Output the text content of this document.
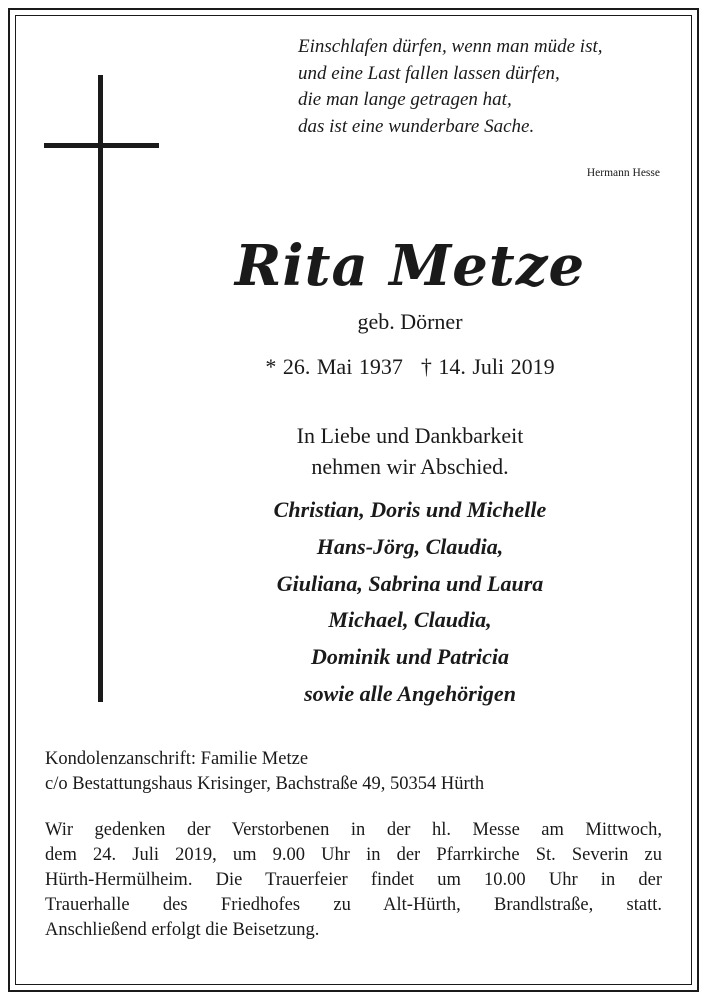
Einschlafen dürfen, wenn man müde ist,
und eine Last fallen lassen dürfen,
die man lange getragen hat,
das ist eine wunderbare Sache.
Hermann Hesse
Rita Metze
geb. Dörner
* 26. Mai 1937 † 14. Juli 2019
In Liebe und Dankbarkeit
nehmen wir Abschied.
Christian, Doris und Michelle
Hans-Jörg, Claudia,
Giuliana, Sabrina und Laura
Michael, Claudia,
Dominik und Patricia
sowie alle Angehörigen
Kondolenzanschrift: Familie Metze
c/o Bestattungshaus Krisinger, Bachstraße 49, 50354 Hürth
Wir gedenken der Verstorbenen in der hl. Messe am Mittwoch,
dem 24. Juli 2019, um 9.00 Uhr in der Pfarrkirche St. Severin zu
Hürth-Hermülheim. Die Trauerfeier findet um 10.00 Uhr in der
Trauerhalle des Friedhofes zu Alt-Hürth, Brandlstraße, statt.
Anschließend erfolgt die Beisetzung.
